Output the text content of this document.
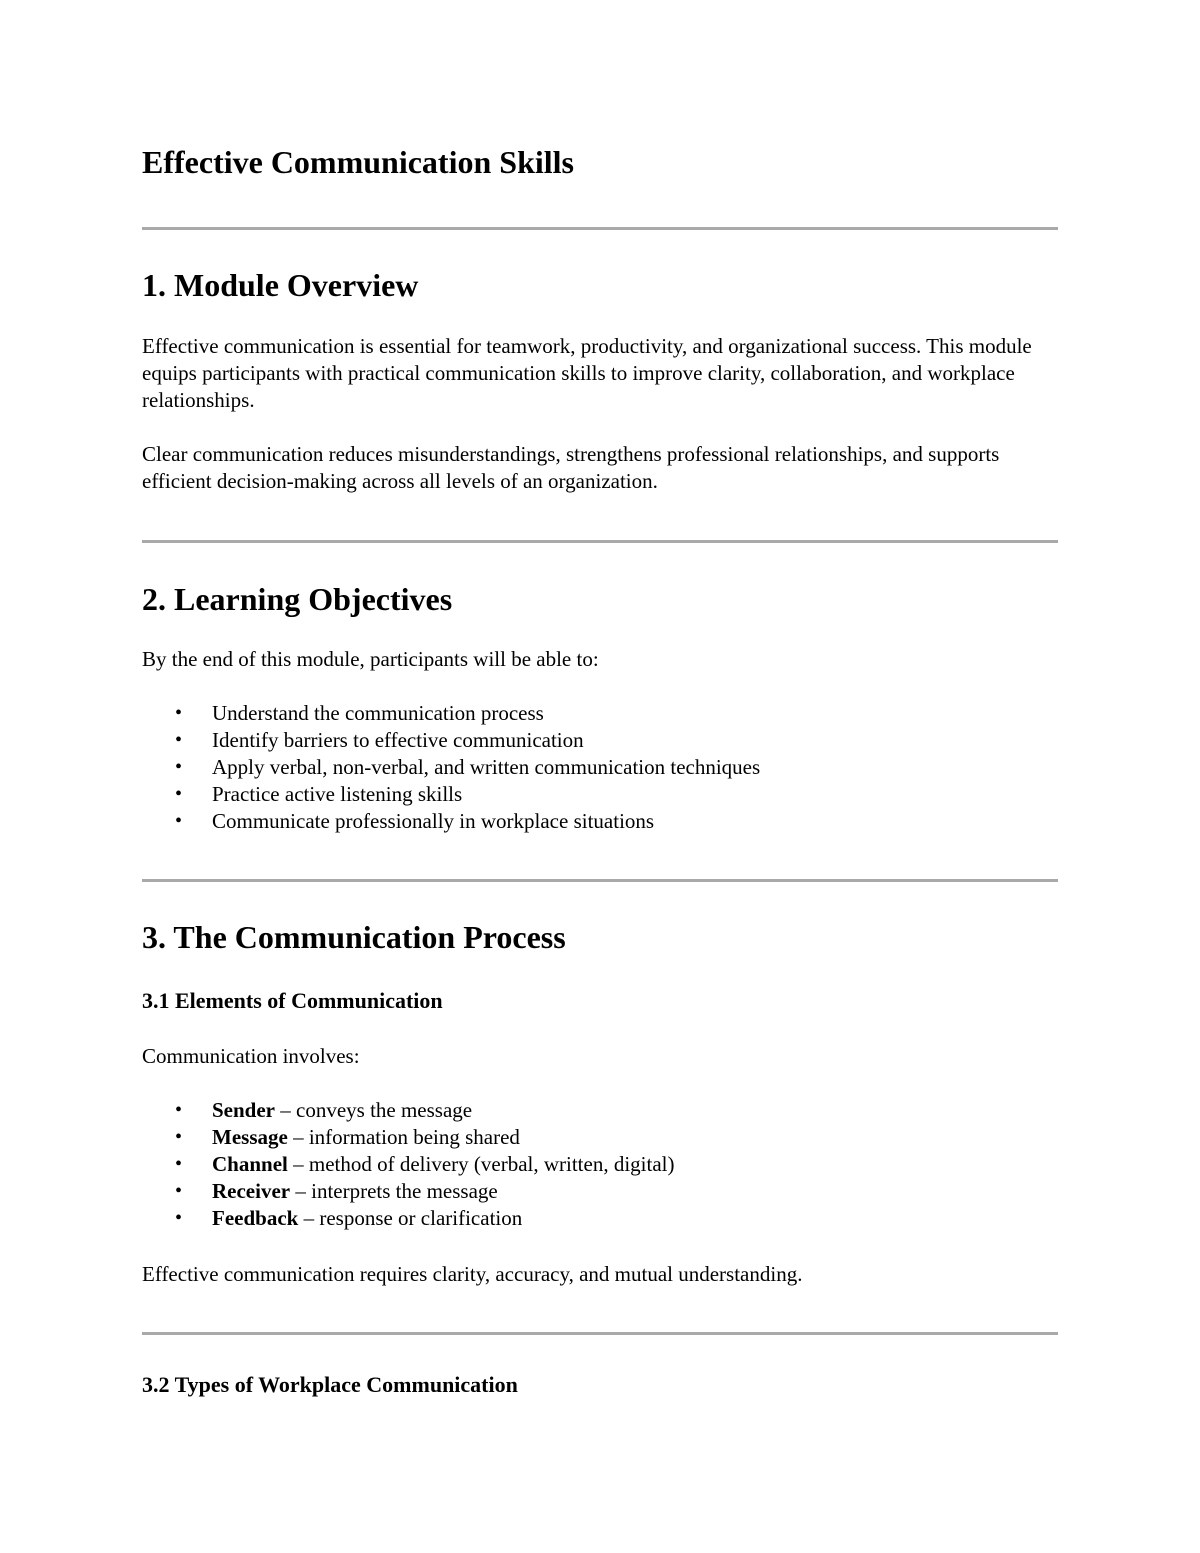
Effective Communication Skills
1. Module Overview

Effective communication is essential for teamwork, productivity, and organizational success. This module equips participants with practical communication skills to improve clarity, collaboration, and workplace relationships.

Clear communication reduces misunderstandings, strengthens professional relationships, and supports efficient decision-making across all levels of an organization.

2. Learning Objectives

By the end of this module, participants will be able to:

• Understand the communication process
• Identify barriers to effective communication
• Apply verbal, non-verbal, and written communication techniques
• Practice active listening skills
• Communicate professionally in workplace situations
3. The Communication Process
3.1 Elements of Communication

Communication involves:

• Sender – conveys the message
• Message – information being shared
• Channel – method of delivery (verbal, written, digital)
• Receiver – interprets the message
• Feedback – response or clarification

Effective communication requires clarity, accuracy, and mutual understanding.

3.2 Types of Workplace Communication
